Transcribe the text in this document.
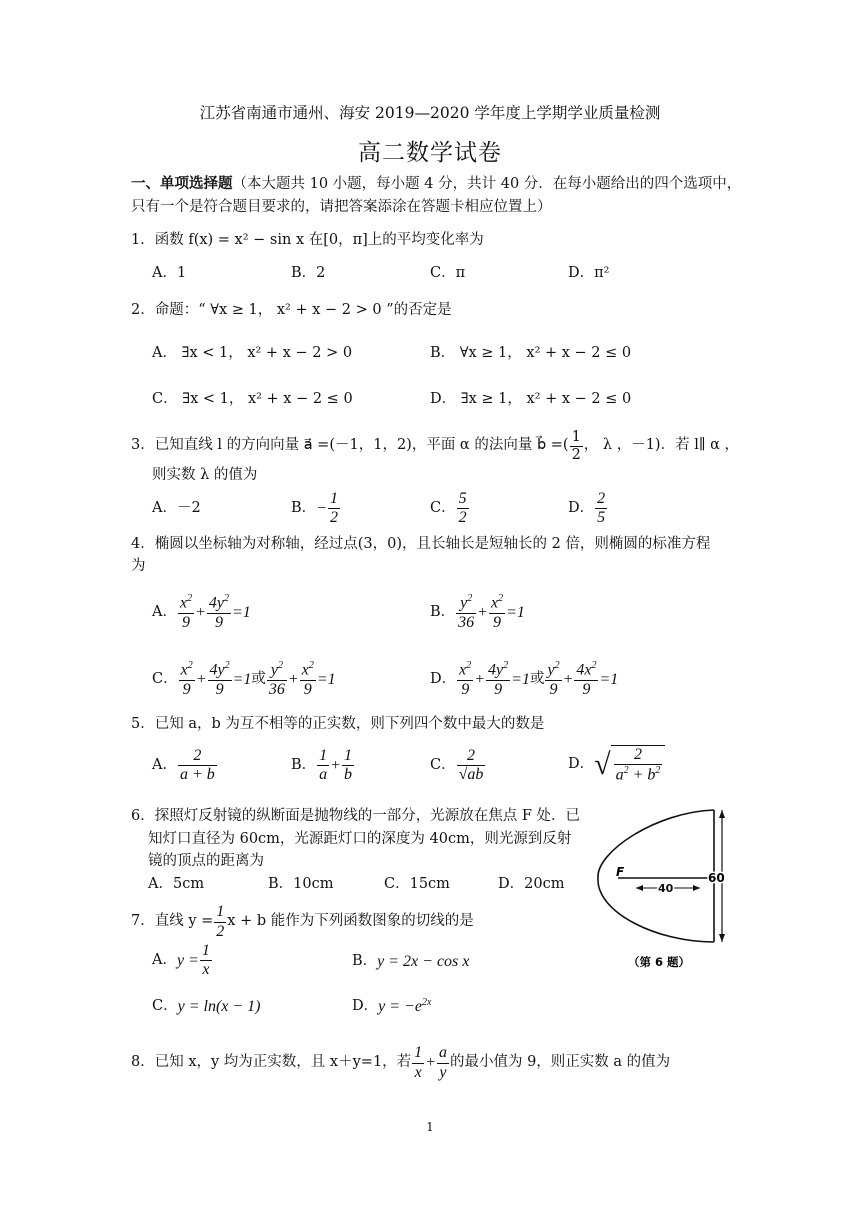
江苏省南通市通州、海安 2019—2020 学年度上学期学业质量检测
高二数学试卷
一、单项选择题（本大题共 10 小题，每小题 4 分，共计 40 分．在每小题给出的四个选项中，
只有一个是符合题目要求的，请把答案添涂在答题卡相应位置上）
1．函数 f(x) = x² − sin x 在[0，π]上的平均变化率为
A．1	B．2	C．π	D．π²
2．命题：“ ∀x ≥ 1， x² + x − 2 > 0 ”的否定是
A． ∃x < 1， x² + x − 2 > 0	B． ∀x ≥ 1， x² + x − 2 ≤ 0
C． ∃x < 1， x² + x − 2 ≤ 0	D． ∃x ≥ 1， x² + x − 2 ≤ 0
3．已知直线 l 的方向向量 a⃗ =(－1，1，2)，平面 α 的法向量 b⃗ =( $\frac{1}{2}$ ， λ ，－1)．若 l∥ α ，
则实数 λ 的值为
A．－2	B． − $\frac{1}{2}$	C． $\frac{5}{2}$	D． $\frac{2}{5}$
4．椭圆以坐标轴为对称轴，经过点(3，0)，且长轴长是短轴长的 2 倍，则椭圆的标准方程
为
A． $\frac{x^2}{9} + \frac{4y^2}{9} =1$	B． $\frac{y^2}{36} + \frac{x^2}{9} =1$
C． $\frac{x^2}{9} + \frac{4y^2}{9} =1$ 或 $\frac{y^2}{36} + \frac{x^2}{9} =1$	D． $\frac{x^2}{9} + \frac{4y^2}{9} =1$ 或 $\frac{y^2}{9} + \frac{4x^2}{9} =1$
5．已知 a，b 为互不相等的正实数，则下列四个数中最大的数是
A． $\frac{2}{a + b}$	B． $\frac{1}{a} + \frac{1}{b}$	C． $\frac{2}{√ab}$	D． √ $\frac{2}{a^2 + b^2}$
6．探照灯反射镜的纵断面是抛物线的一部分，光源放在焦点 F 处．已
知灯口直径为 60cm，光源距灯口的深度为 40cm，则光源到反射
镜的顶点的距离为
A．5cm	B．10cm	C．15cm	D．20cm
F
40
60
（第 6 题）
7．直线 $y = \frac{1}{2}$ x + b 能作为下列函数图象的切线的是
A． $y = \frac{1}{x}$	B． y = 2x − cos x
C． y = ln(x − 1)	D． $y = -e^{2x}$
8．已知 x，y 均为正实数，且 x＋y=1，若 $\frac{1}{x} + \frac{a}{y}$ 的最小值为 9，则正实数 a 的值为
1
